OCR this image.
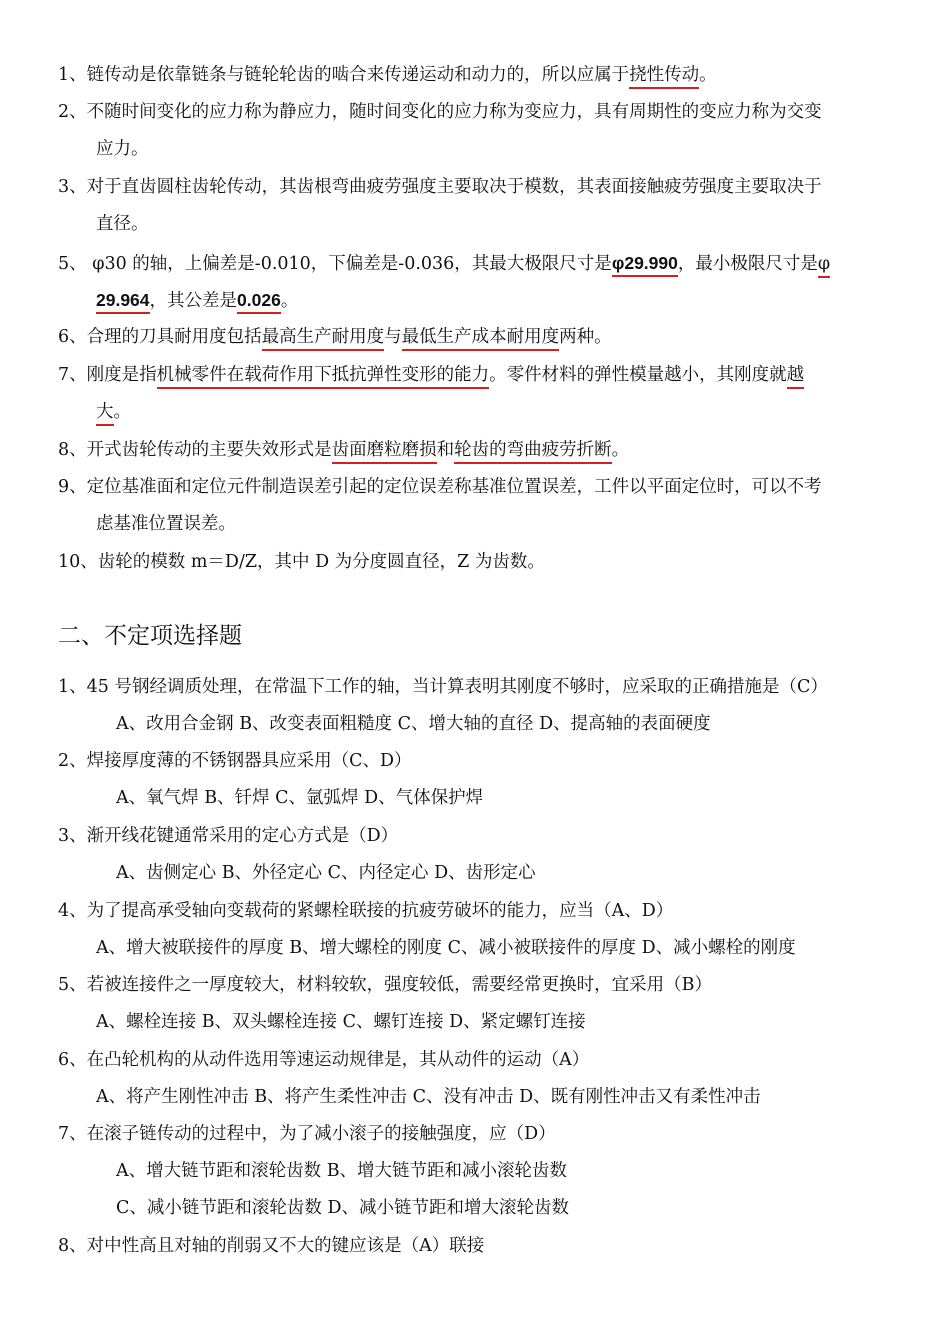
1、链传动是依靠链条与链轮轮齿的啮合来传递运动和动力的，所以应属于挠性传动。
2、不随时间变化的应力称为静应力，随时间变化的应力称为变应力，具有周期性的变应力称为交变
应力。
3、对于直齿圆柱齿轮传动，其齿根弯曲疲劳强度主要取决于模数，其表面接触疲劳强度主要取决于
直径。
5、 φ30 的轴，上偏差是-0.010，下偏差是-0.036，其最大极限尺寸是φ29.990，最小极限尺寸是φ
29.964，其公差是0.026。
6、合理的刀具耐用度包括最高生产耐用度与最低生产成本耐用度两种。
7、刚度是指机械零件在载荷作用下抵抗弹性变形的能力。零件材料的弹性模量越小，其刚度就越
大。
8、开式齿轮传动的主要失效形式是齿面磨粒磨损和轮齿的弯曲疲劳折断。
9、定位基准面和定位元件制造误差引起的定位误差称基准位置误差，工件以平面定位时，可以不考
虑基准位置误差。
10、齿轮的模数 m＝D/Z，其中 D 为分度圆直径，Z 为齿数。
二、不定项选择题
1、45 号钢经调质处理，在常温下工作的轴，当计算表明其刚度不够时，应采取的正确措施是（C）
A、改用合金钢 B、改变表面粗糙度 C、增大轴的直径 D、提高轴的表面硬度
2、焊接厚度薄的不锈钢器具应采用（C、D）
A、氧气焊 B、钎焊 C、氩弧焊 D、气体保护焊
3、渐开线花键通常采用的定心方式是（D）
A、齿侧定心 B、外径定心 C、内径定心 D、齿形定心
4、为了提高承受轴向变载荷的紧螺栓联接的抗疲劳破坏的能力，应当（A、D）
A、增大被联接件的厚度 B、增大螺栓的刚度 C、减小被联接件的厚度 D、减小螺栓的刚度
5、若被连接件之一厚度较大，材料较软，强度较低，需要经常更换时，宜采用（B）
A、螺栓连接 B、双头螺栓连接 C、螺钉连接 D、紧定螺钉连接
6、在凸轮机构的从动件选用等速运动规律是，其从动件的运动（A）
A、将产生刚性冲击 B、将产生柔性冲击 C、没有冲击 D、既有刚性冲击又有柔性冲击
7、在滚子链传动的过程中，为了减小滚子的接触强度，应（D）
A、增大链节距和滚轮齿数 B、增大链节距和减小滚轮齿数
C、减小链节距和滚轮齿数 D、减小链节距和增大滚轮齿数
8、对中性高且对轴的削弱又不大的键应该是（A）联接
